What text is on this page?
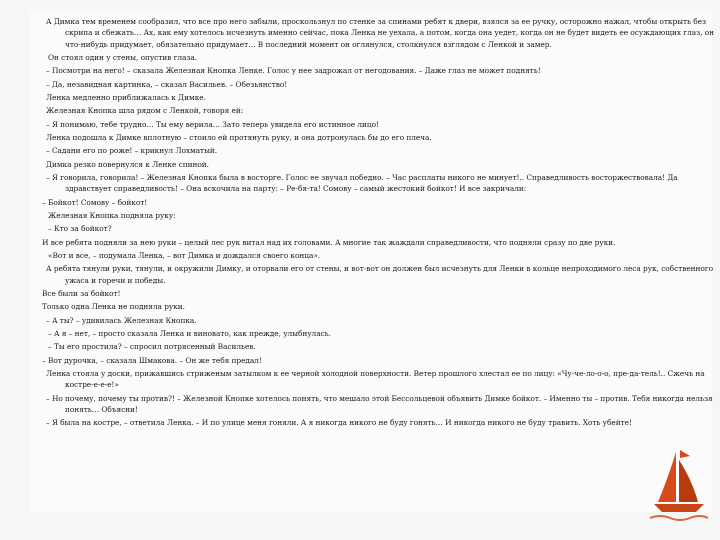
А Димка тем временем сообразил, что все про него забыли, проскользнул по стенке за спинами ребят к двери, взялся за ее ручку, осторожно нажал, чтобы открыть без скрипа и сбежать… Ах, как ему хотелось исчезнуть именно сейчас, пока Ленка не уехала, а потом, когда она уедет, когда он не будет видеть ее осуждающих глаз, он что-нибудь придумает, обязательно придумает… В последний момент он оглянулся, столкнулся взглядом с Ленкой и замер.

Он стоял один у стены, опустив глаза.

– Посмотри на него! – сказала Железная Кнопка Ленке. Голос у нее задрожал от негодования. – Даже глаз не может поднять!

– Да, незавидная картинка, – сказал Васильев. – Обезьянство!

Ленка медленно приближалась к Димке.

Железная Кнопка шла рядом с Ленкой, говоря ей:

– Я понимаю, тебе трудно… Ты ему верила… Зато теперь увидела его истинное лицо!

Ленка подошла к Димке вплотную – стоило ей протянуть руку, и она дотронулась бы до его плеча.

– Садани его по роже! – крикнул Лохматый.

Димка резко повернулся к Ленке спиной.

– Я говорила, говорила! – Железная Кнопка была в восторге. Голос ее звучал победно. – Час расплаты никого не минует!.. Справедливость восторжествовала! Да здравствует справедливость! – Она вскочила на парту: – Ре-бя-та! Сомову – самый жестокий бойкот! И все закричали:

– Бойкот! Сомову – бойкот!

Железная Кнопка подняла руку:

– Кто за бойкот?

И все ребята подняли за нею руки – целый лес рук витал над их головами. А многие так жаждали справедливости, что подняли сразу по две руки.

«Вот и все, – подумала Ленка, – вот Димка и дождался своего конца».

А ребята тянули руки, тянули, и окружили Димку, и оторвали его от стены, и вот-вот он должен был исчезнуть для Ленки в кольце непроходимого леса рук, собственного ужаса и горечи и победы.

Все были за бойкот!

Только одна Ленка не подняла руки.

– А ты? – удивилась Железная Кнопка.

– А я – нет, – просто сказала Ленка и виновато, как прежде, улыбнулась.

– Ты его простила? – спросил потрясенный Васильев.

– Вот дурочка, – сказала Шмакова. – Он же тебя предал!

Ленка стояла у доски, прижавшись стриженым затылком к ее черной холодной поверхности. Ветер прошлого хлестал ее по лицу: «Чу-че-ло-о-о, пре-да-тель!.. Сжечь на костре-е-е-е!»

– Но почему, почему ты против?! – Железной Кнопке хотелось понять, что мешало этой Бессольцевой объявить Димке бойкот. – Именно ты – против. Тебя никогда нельзя понять… Объясни!

– Я была на костре, – ответила Ленка. – И по улице меня гоняли. А я никогда никого не буду гонять… И никогда никого не буду травить. Хоть убейте!
